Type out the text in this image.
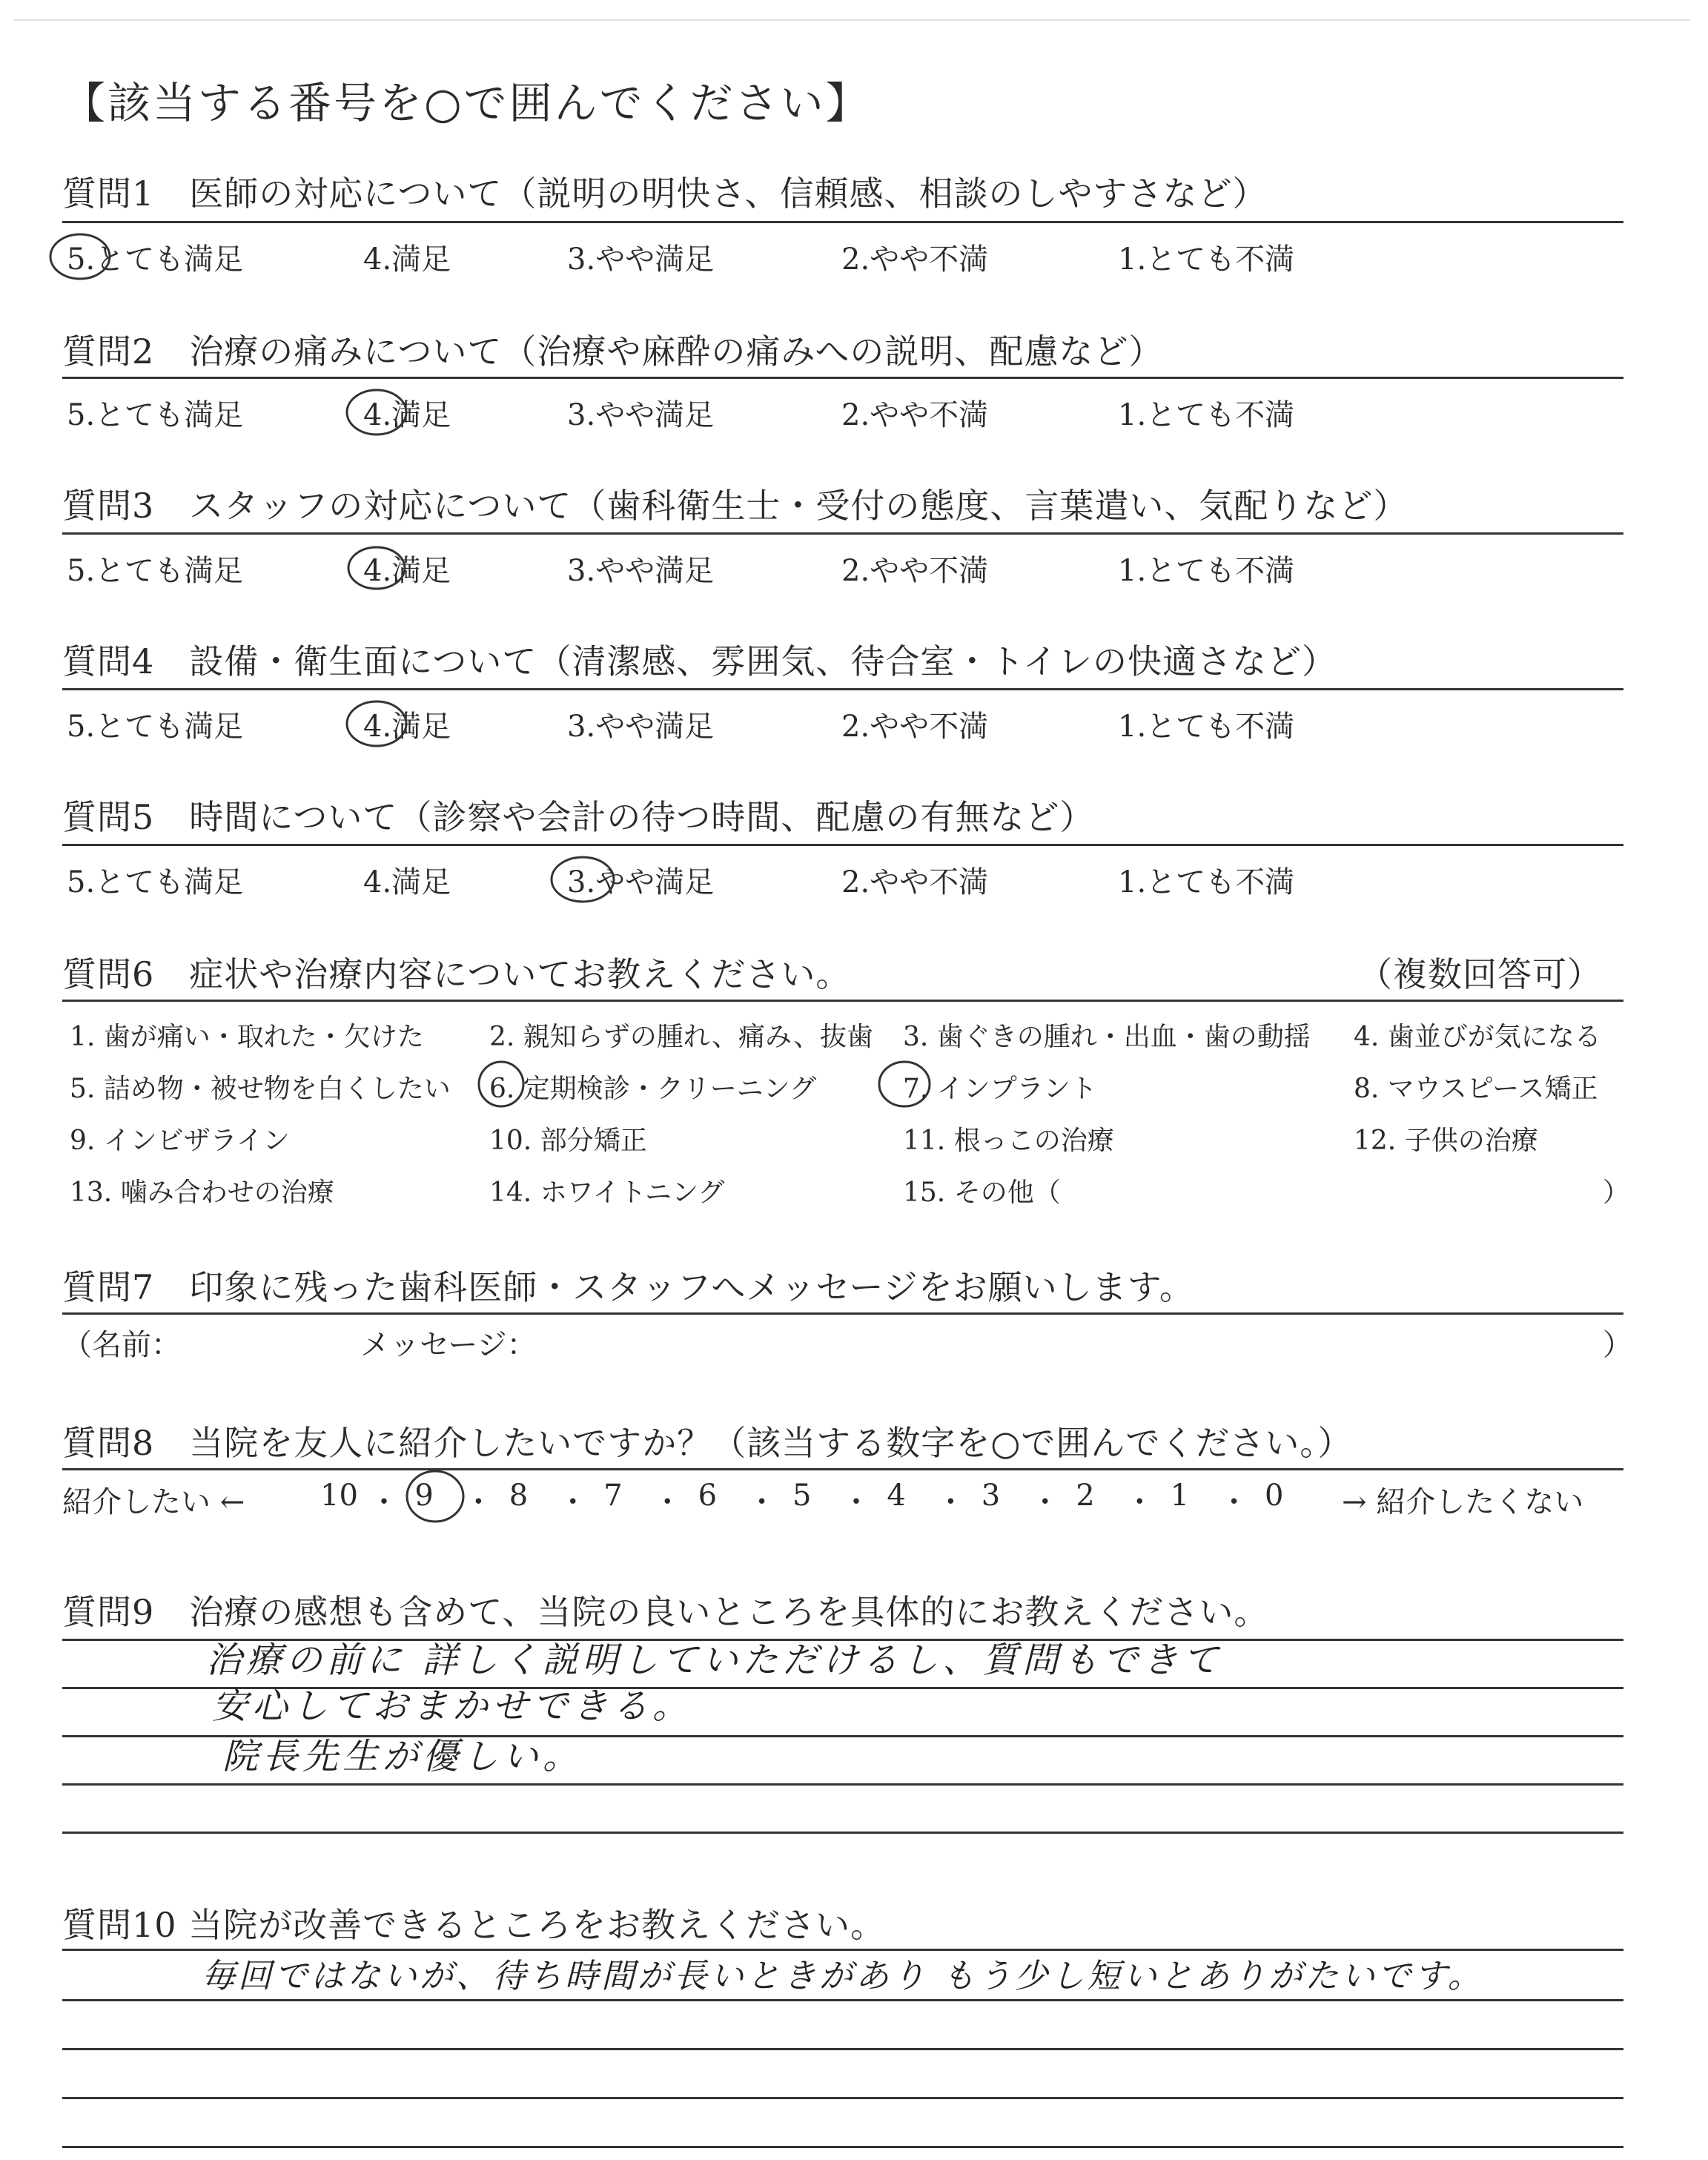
【該当する番号を○で囲んでください】
質問1　医師の対応について（説明の明快さ、信頼感、相談のしやすさなど）
5.とても満足	4.満足	3.やや満足	2.やや不満	1.とても不満
質問2　治療の痛みについて（治療や麻酔の痛みへの説明、配慮など）
5.とても満足	4.満足	3.やや満足	2.やや不満	1.とても不満
質問3　スタッフの対応について（歯科衛生士・受付の態度、言葉遣い、気配りなど）
5.とても満足	4.満足	3.やや満足	2.やや不満	1.とても不満
質問4　設備・衛生面について（清潔感、雰囲気、待合室・トイレの快適さなど）
5.とても満足	4.満足	3.やや満足	2.やや不満	1.とても不満
質問5　時間について（診察や会計の待つ時間、配慮の有無など）
5.とても満足	4.満足	3.やや満足	2.やや不満	1.とても不満
質問6　症状や治療内容についてお教えください。	（複数回答可）
1. 歯が痛い・取れた・欠けた 2. 親知らずの腫れ、痛み、抜歯 3. 歯ぐきの腫れ・出血・歯の動揺 4. 歯並びが気になる
5. 詰め物・被せ物を白くしたい 6. 定期検診・クリーニング	7. インプラント	8. マウスピース矯正
9. インビザライン	10. 部分矯正	11. 根っこの治療	12. 子供の治療
13. 噛み合わせの治療	14. ホワイトニング	15. その他（	）
質問7　印象に残った歯科医師・スタッフへメッセージをお願いします。
（名前：	メッセージ：	）
質問8　当院を友人に紹介したいですか？（該当する数字を○で囲んでください。）
紹介したい ←	10 ・ 9 ・ 8 ・ 7 ・ 6 ・ 5 ・ 4 ・ 3 ・ 2 ・ 1 ・ 0 → 紹介したくない
質問9　治療の感想も含めて、当院の良いところを具体的にお教えください。
治療の前に 詳しく説明していただけるし、質問もできて
安心しておまかせできる。
院長先生が優しい。
質問10 当院が改善できるところをお教えください。
毎回ではないが、待ち時間が長いときがあり もう少し短いとありがたいです。
